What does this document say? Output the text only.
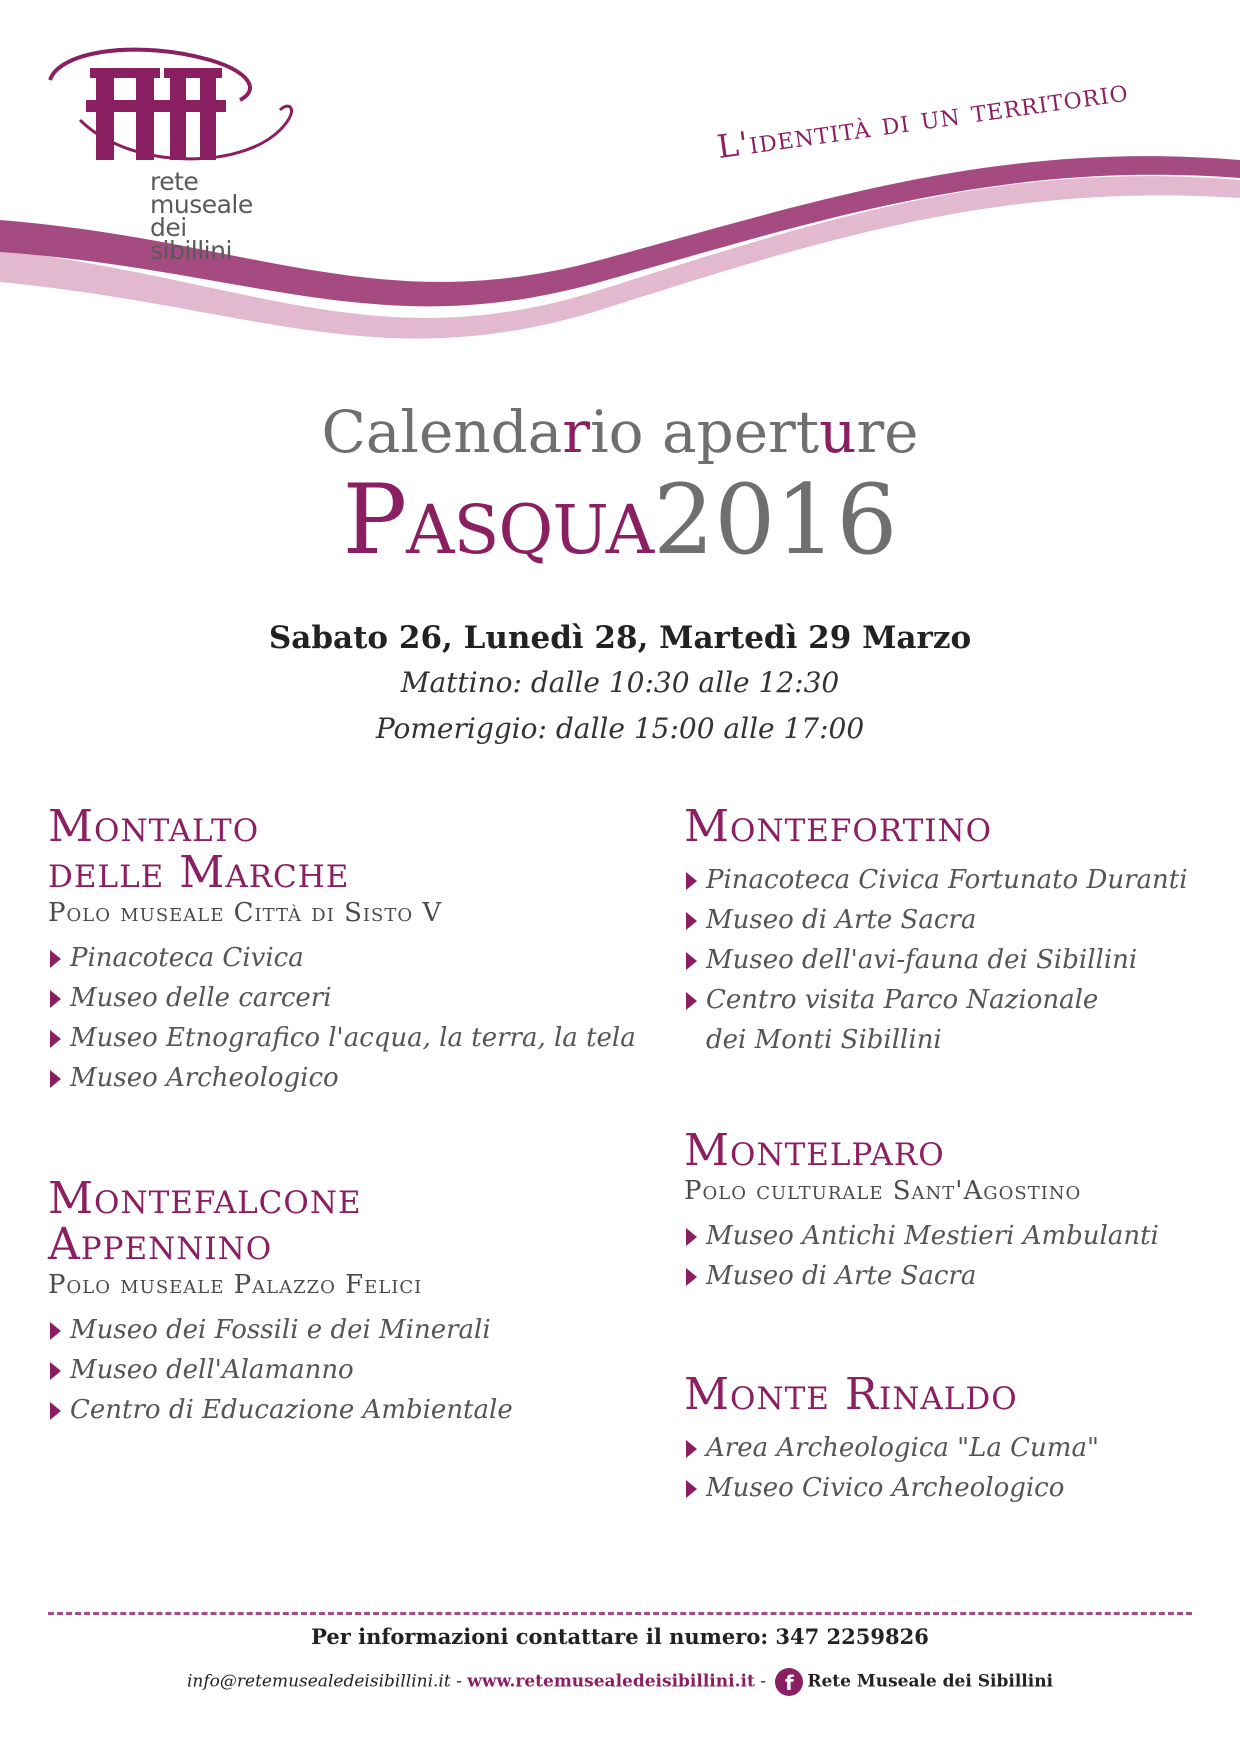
L'identità di un territorio
rete
museale
dei
sibillini
Calendario aperture
Pasqua2016
Sabato 26, Lunedì 28, Martedì 29 Marzo
Mattino: dalle 10:30 alle 12:30
Pomeriggio: dalle 15:00 alle 17:00
Montalto
delle Marche
Polo museale Città di Sisto V
Pinacoteca Civica
Museo delle carceri
Museo Etnografico l'acqua, la terra, la tela
Museo Archeologico
Montefalcone
Appennino
Polo museale Palazzo Felici
Museo dei Fossili e dei Minerali
Museo dell'Alamanno
Centro di Educazione Ambientale
Montefortino
Pinacoteca Civica Fortunato Duranti
Museo di Arte Sacra
Museo dell'avi-fauna dei Sibillini
Centro visita Parco Nazionale
dei Monti Sibillini
Montelparo
Polo culturale Sant'Agostino
Museo Antichi Mestieri Ambulanti
Museo di Arte Sacra
Monte Rinaldo
Area Archeologica "La Cuma"
Museo Civico Archeologico
Per informazioni contattare il numero: 347 2259826
info@retemusealedeisibillini.it - www.retemusealedeisibillini.it - f Rete Museale dei Sibillini
